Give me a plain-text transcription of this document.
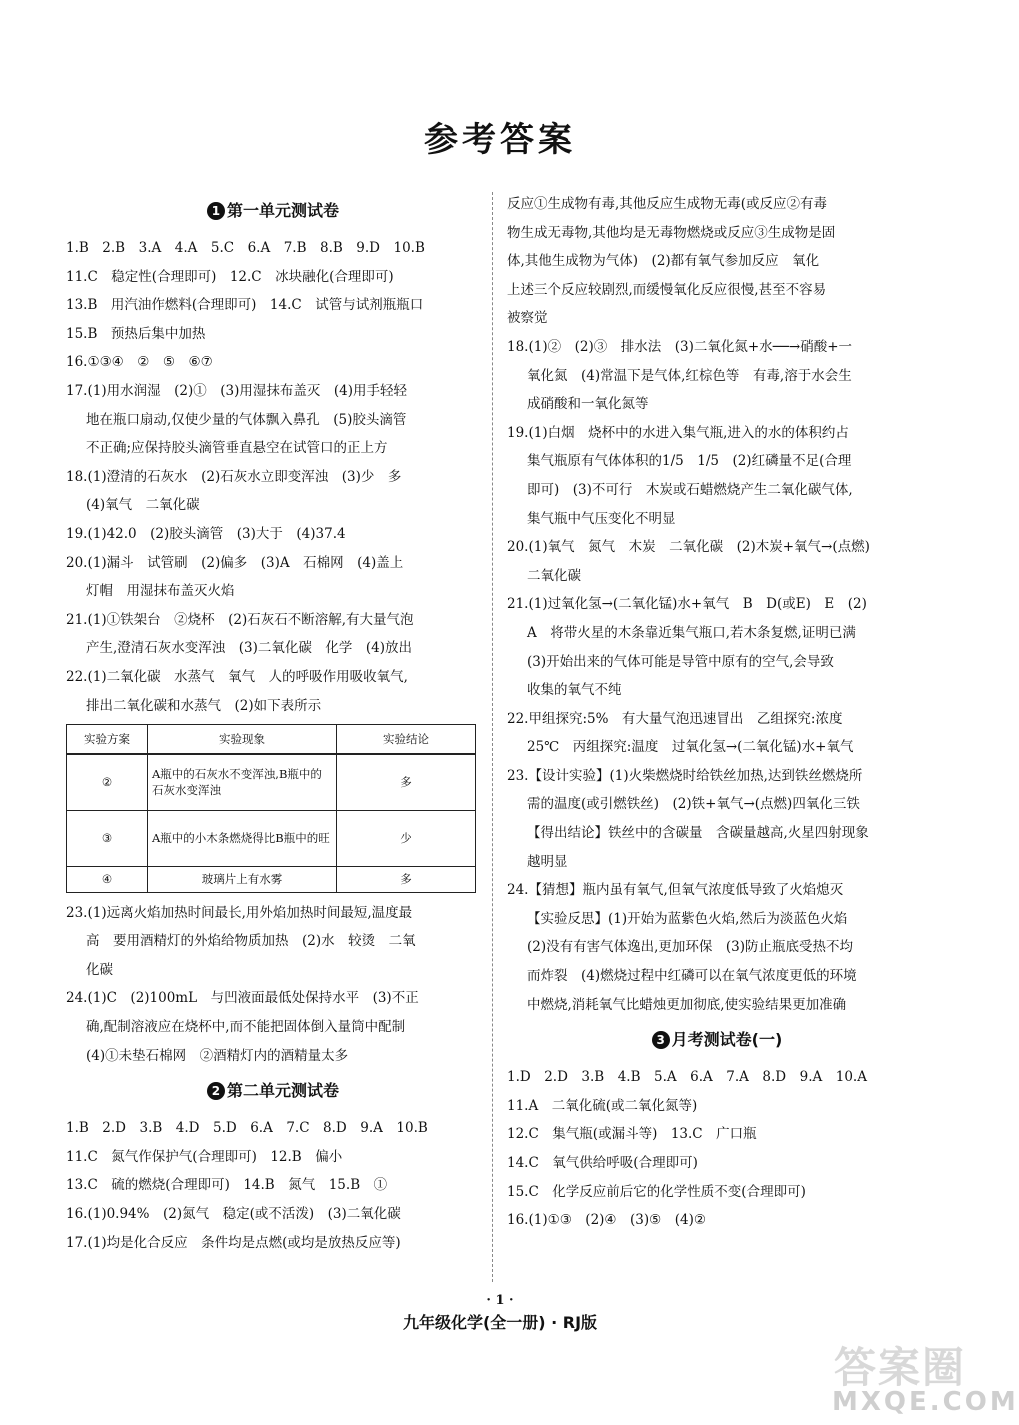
参考答案
1 第一单元测试卷
1.B　2.B　3.A　4.A　5.C　6.A　7.B　8.B　9.D　10.B
11.C　稳定性(合理即可)　12.C　冰块融化(合理即可)
13.B　用汽油作燃料(合理即可)　14.C　试管与试剂瓶瓶口
15.B　预热后集中加热
16.①③④　②　⑤　⑥⑦
17.(1)用水润湿　(2)①　(3)用湿抹布盖灭　(4)用手轻轻
地在瓶口扇动,仅使少量的气体飘入鼻孔　(5)胶头滴管
不正确;应保持胶头滴管垂直悬空在试管口的正上方
18.(1)澄清的石灰水　(2)石灰水立即变浑浊　(3)少　多
(4)氧气　二氧化碳
19.(1)42.0　(2)胶头滴管　(3)大于　(4)37.4
20.(1)漏斗　试管刷　(2)偏多　(3)A　石棉网　(4)盖上
灯帽　用湿抹布盖灭火焰
21.(1)①铁架台　②烧杯　(2)石灰石不断溶解,有大量气泡
产生,澄清石灰水变浑浊　(3)二氧化碳　化学　(4)放出
22.(1)二氧化碳　水蒸气　氧气　人的呼吸作用吸收氧气,
排出二氧化碳和水蒸气　(2)如下表所示
实验方案	实验现象	实验结论
②	A瓶中的石灰水不变浑浊,B瓶中的石灰水变浑浊	多
③	A瓶中的小木条燃烧得比B瓶中的旺	少
④	玻璃片上有水雾	多
23.(1)远离火焰加热时间最长,用外焰加热时间最短,温度最
高　要用酒精灯的外焰给物质加热　(2)水　较烫　二氧
化碳
24.(1)C　(2)100mL　与凹液面最低处保持水平　(3)不正
确,配制溶液应在烧杯中,而不能把固体倒入量筒中配制
(4)①未垫石棉网　②酒精灯内的酒精量太多
2 第二单元测试卷
1.B　2.D　3.B　4.D　5.D　6.A　7.C　8.D　9.A　10.B
11.C　氮气作保护气(合理即可)　12.B　偏小
13.C　硫的燃烧(合理即可)　14.B　氮气　15.B　①
16.(1)0.94%　(2)氮气　稳定(或不活泼)　(3)二氧化碳
17.(1)均是化合反应　条件均是点燃(或均是放热反应等)
反应①生成物有毒,其他反应生成物无毒(或反应②有毒
物生成无毒物,其他均是无毒物燃烧或反应③生成物是固
体,其他生成物为气体)　(2)都有氧气参加反应　氧化
上述三个反应较剧烈,而缓慢氧化反应很慢,甚至不容易
被察觉
18.(1)②　(2)③　排水法　(3)二氧化氮+水──→硝酸+一
氧化氮　(4)常温下是气体,红棕色等　有毒,溶于水会生
成硝酸和一氧化氮等
19.(1)白烟　烧杯中的水进入集气瓶,进入的水的体积约占
集气瓶原有气体体积的1/5　1/5　(2)红磷量不足(合理
即可)　(3)不可行　木炭或石蜡燃烧产生二氧化碳气体,
集气瓶中气压变化不明显
20.(1)氧气　氮气　木炭　二氧化碳　(2)木炭+氧气→(点燃)
二氧化碳
21.(1)过氧化氢→(二氧化锰)水+氧气　B　D(或E)　E　(2)
A　将带火星的木条靠近集气瓶口,若木条复燃,证明已满
(3)开始出来的气体可能是导管中原有的空气,会导致
收集的氧气不纯
22.甲组探究:5%　有大量气泡迅速冒出　乙组探究:浓度
25℃　丙组探究:温度　过氧化氢→(二氧化锰)水+氧气
23.【设计实验】(1)火柴燃烧时给铁丝加热,达到铁丝燃烧所
需的温度(或引燃铁丝)　(2)铁+氧气→(点燃)四氧化三铁
【得出结论】铁丝中的含碳量　含碳量越高,火星四射现象
越明显
24.【猜想】瓶内虽有氧气,但氧气浓度低导致了火焰熄灭
【实验反思】(1)开始为蓝紫色火焰,然后为淡蓝色火焰
(2)没有有害气体逸出,更加环保　(3)防止瓶底受热不均
而炸裂　(4)燃烧过程中红磷可以在氧气浓度更低的环境
中燃烧,消耗氧气比蜡烛更加彻底,使实验结果更加准确
3 月考测试卷(一)
1.D　2.D　3.B　4.B　5.A　6.A　7.A　8.D　9.A　10.A
11.A　二氧化硫(或二氧化氮等)
12.C　集气瓶(或漏斗等)　13.C　广口瓶
14.C　氧气供给呼吸(合理即可)
15.C　化学反应前后它的化学性质不变(合理即可)
16.(1)①③　(2)④　(3)⑤　(4)②
· 1 ·
九年级化学(全一册) · RJ版
答案圈
MXQE.COM
